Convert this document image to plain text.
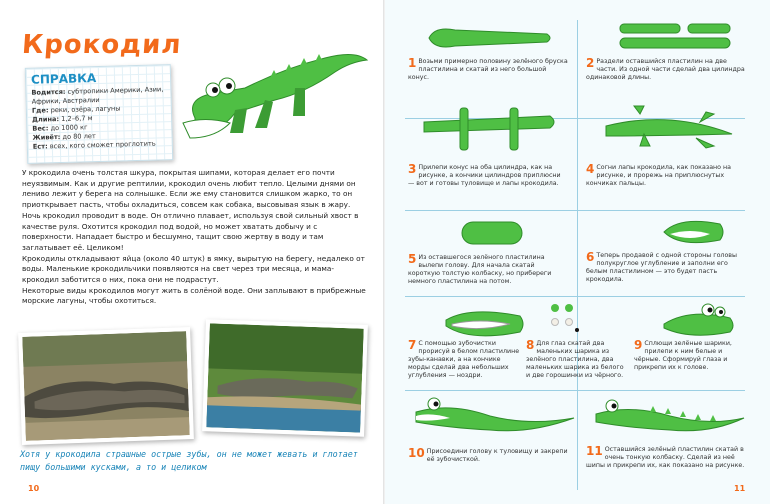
Крокодил
СПРАВКА
Водится: субтропики Америки, Азии, Африки, Австралии
Где: реки, озёра, лагуны
Длина: 1,2–6,7 м
Вес: до 1000 кг
Живёт: до 80 лет
Ест: всех, кого сможет проглотить

У крокодила очень толстая шкура, покрытая шипами, которая делает его почти неуязвимым. Как и другие рептилии, крокодил очень любит тепло. Целыми днями он лениво лежит у берега на солнышке. Если же ему становится слишком жарко, то он приоткрывает пасть, чтобы охладиться, совсем как собака, высовывая язык в жару. Ночь крокодил проводит в воде. Он отлично плавает, используя свой сильный хвост в качестве руля. Охотится крокодил под водой, но может хватать добычу и с поверхности. Нападает быстро и бесшумно, тащит свою жертву в воду и там заглатывает её. Целиком!

Крокодилы откладывают яйца (около 40 штук) в ямку, вырытую на берегу, недалеко от воды. Маленькие крокодильчики появляются на свет через три месяца, и мама-крокодил заботится о них, пока они не подрастут.

Некоторые виды крокодилов могут жить в солёной воде. Они заплывают в прибрежные морские лагуны, чтобы охотиться.

Хотя у крокодила страшные острые зубы, он не может жевать и глотает пищу большими кусками, а то и целиком
10
1 Возьми примерно половину зелёного бруска пластилина и скатай из него большой конус.
2 Раздели оставшийся пластилин на две части. Из одной части сделай два цилиндра одинаковой длины.
3 Прилепи конус на оба цилиндра, как на рисунке, а кончики цилиндров приплюсни — вот и готовы туловище и лапы крокодила.
4 Согни лапы крокодила, как показано на рисунке, и прорежь на приплюснутых кончиках пальцы.
5 Из оставшегося зелёного пластилина вылепи голову. Для начала скатай короткую толстую колбаску, но прибереги немного пластилина на потом.
6 Теперь продавой с одной стороны головы полукруглое углубление и заполни его белым пластилином — это будет пасть крокодила.
7 С помощью зубочистки прорисуй в белом пластилине зубы-канавки, а на кончике морды сделай два небольших углубления — ноздри.
8 Для глаз скатай два маленьких шарика из зелёного пластилина, два маленьких шарика из белого и две горошинки из чёрного.
9 Сплющи зелёные шарики, прилепи к ним белые и чёрные. Сформируй глаза и прикрепи их к голове.
10 Присоедини голову к туловищу и закрепи её зубочисткой.
11 Оставшийся зелёный пластилин скатай в очень тонкую колбаску. Сделай из неё шипы и прикрепи их, как показано на рисунке.
11
